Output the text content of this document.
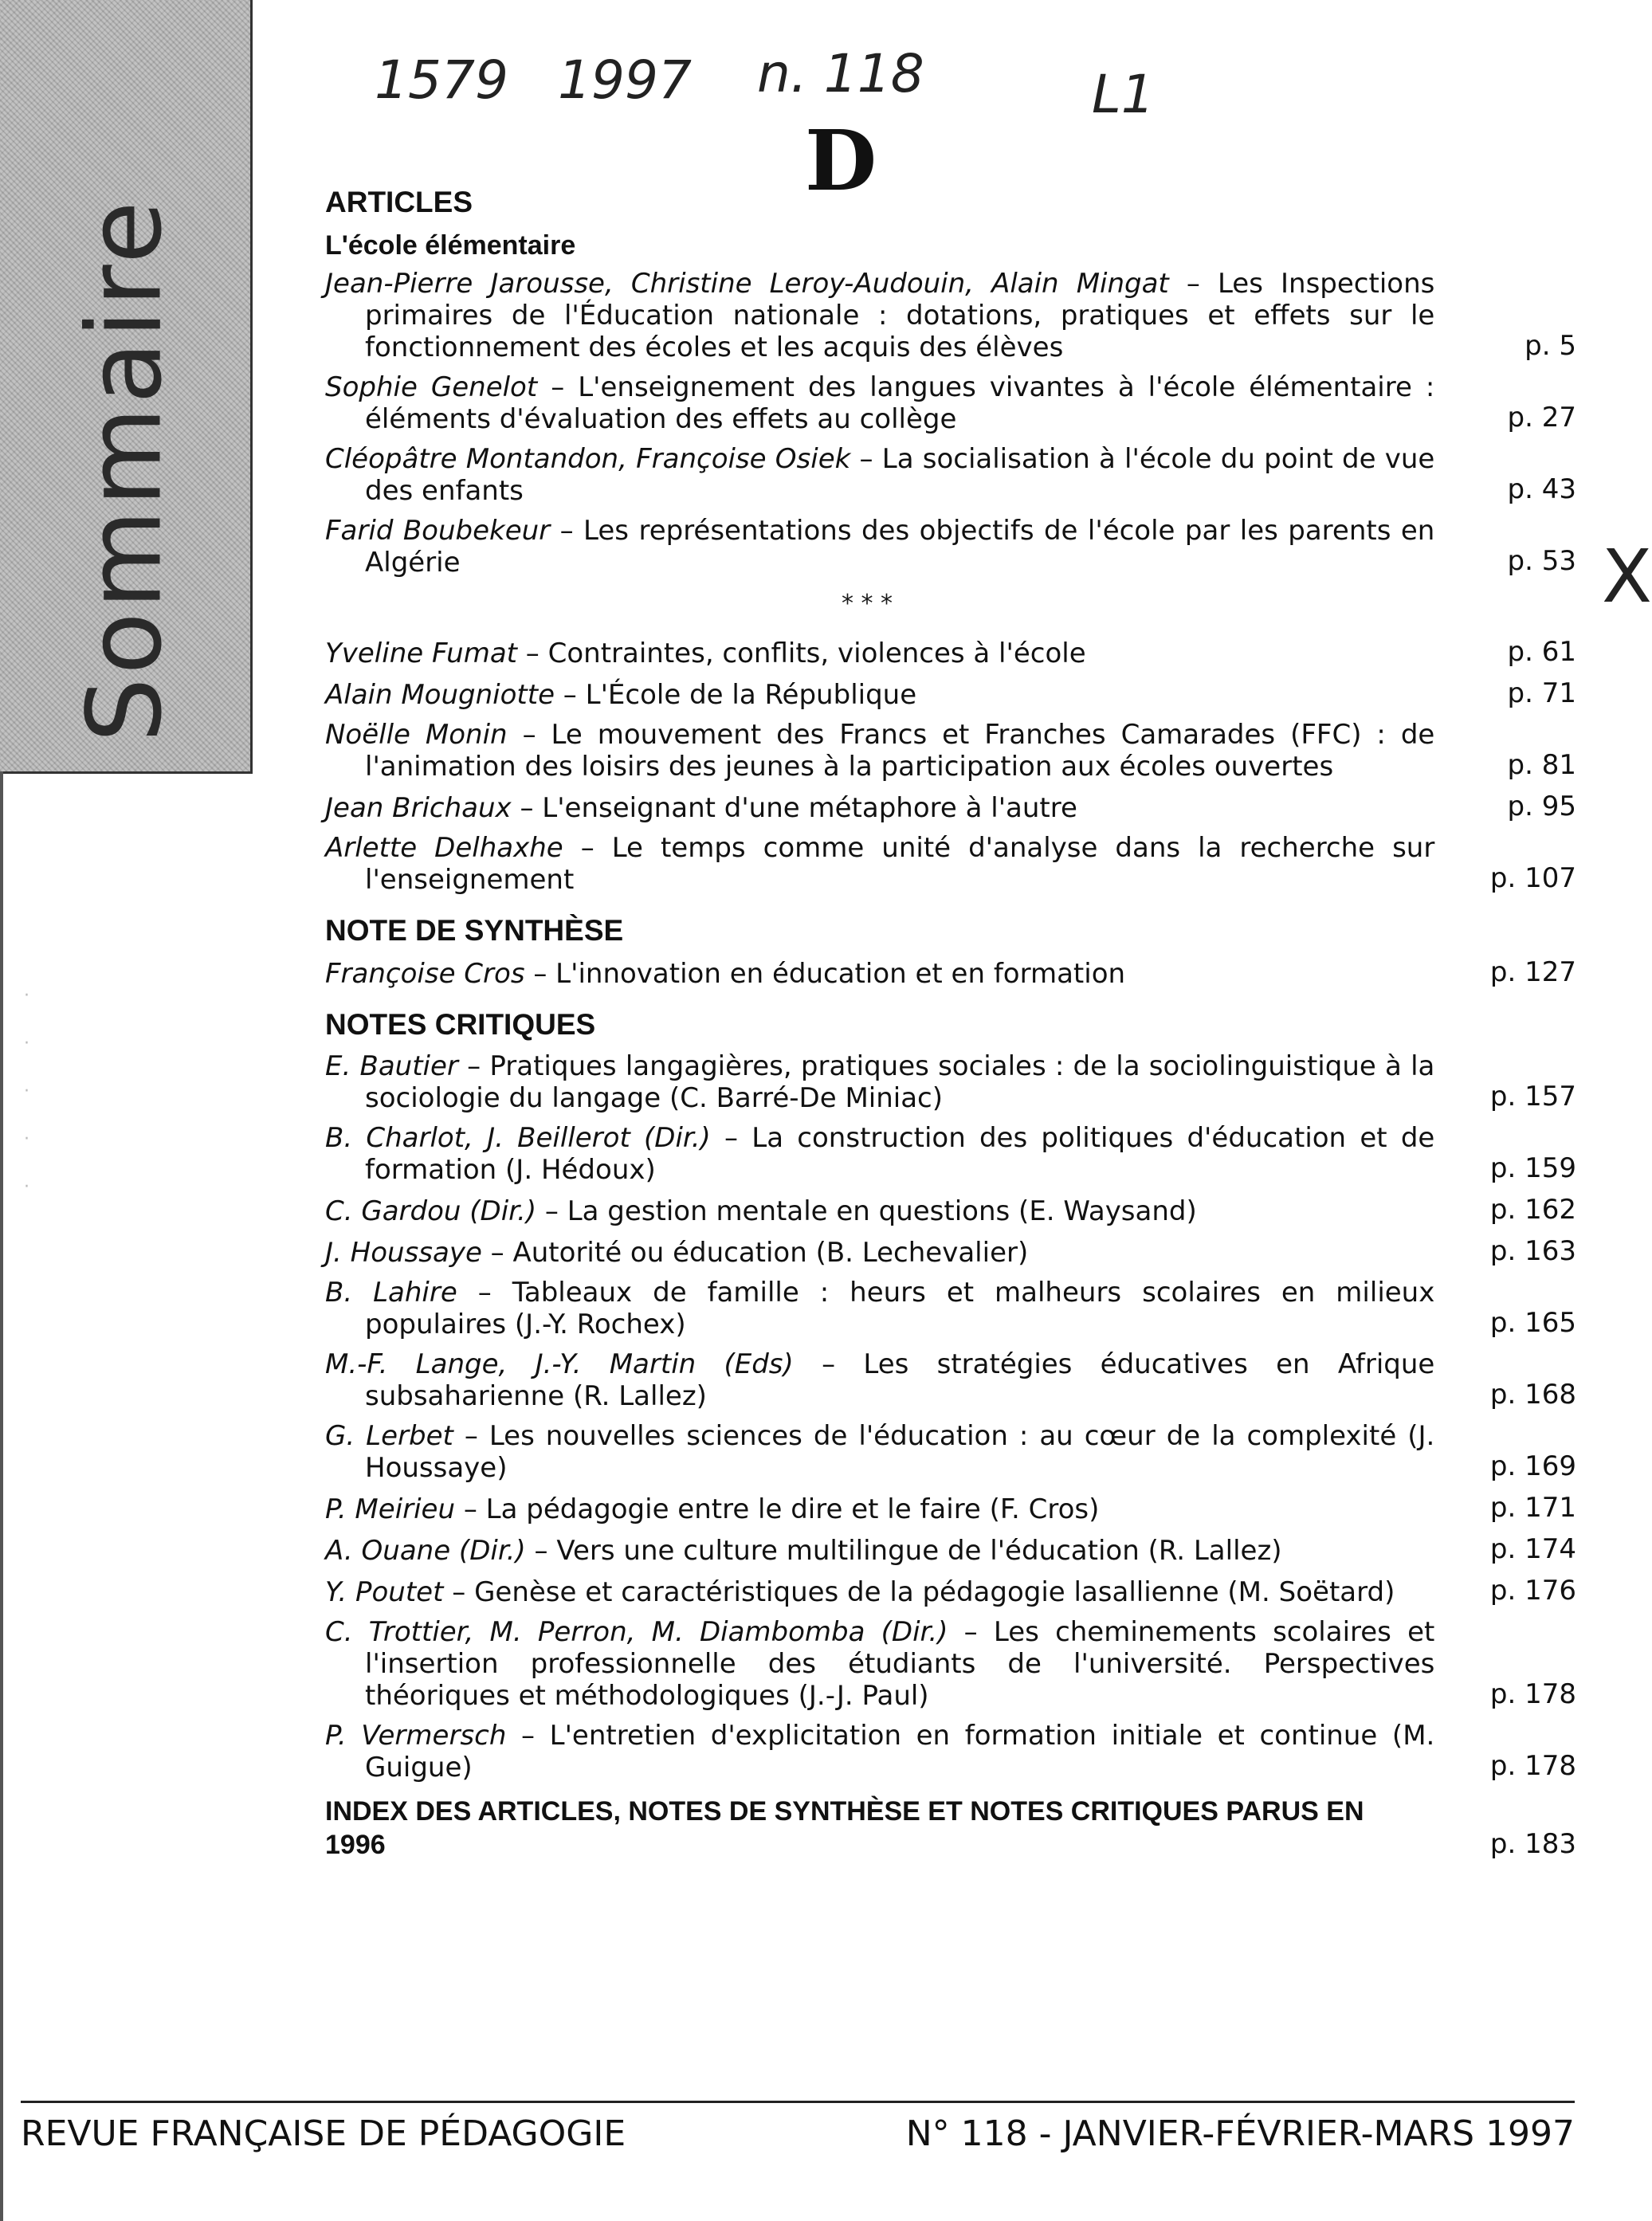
Sommaire
1579 1997 n. 118	L1
D
X
ARTICLES
L'école élémentaire
Jean-Pierre Jarousse, Christine Leroy-Audouin, Alain Mingat – Les Inspections primaires de l'Éducation nationale : dotations, pratiques et effets sur le fonctionnement des écoles et les acquis des élèves	p. 5
Sophie Genelot – L'enseignement des langues vivantes à l'école élémentaire : éléments d'évaluation des effets au collège	p. 27
Cléopâtre Montandon, Françoise Osiek – La socialisation à l'école du point de vue des enfants	p. 43
Farid Boubekeur – Les représentations des objectifs de l'école par les parents en Algérie	p. 53
* * *
Yveline Fumat – Contraintes, conflits, violences à l'école	p. 61
Alain Mougniotte – L'École de la République	p. 71
Noëlle Monin – Le mouvement des Francs et Franches Camarades (FFC) : de l'animation des loisirs des jeunes à la participation aux écoles ouvertes	p. 81
Jean Brichaux – L'enseignant d'une métaphore à l'autre	p. 95
Arlette Delhaxhe – Le temps comme unité d'analyse dans la recherche sur l'enseignement	p. 107
NOTE DE SYNTHÈSE
Françoise Cros – L'innovation en éducation et en formation	p. 127
NOTES CRITIQUES
E. Bautier – Pratiques langagières, pratiques sociales : de la sociolinguistique à la sociologie du langage (C. Barré-De Miniac)	p. 157
B. Charlot, J. Beillerot (Dir.) – La construction des politiques d'éducation et de formation (J. Hédoux)	p. 159
C. Gardou (Dir.) – La gestion mentale en questions (E. Waysand)	p. 162
J. Houssaye – Autorité ou éducation (B. Lechevalier)	p. 163
B. Lahire – Tableaux de famille : heurs et malheurs scolaires en milieux populaires (J.-Y. Rochex)	p. 165
M.-F. Lange, J.-Y. Martin (Eds) – Les stratégies éducatives en Afrique subsaharienne (R. Lallez)	p. 168
G. Lerbet – Les nouvelles sciences de l'éducation : au cœur de la complexité (J. Houssaye)	p. 169
P. Meirieu – La pédagogie entre le dire et le faire (F. Cros)	p. 171
A. Ouane (Dir.) – Vers une culture multilingue de l'éducation (R. Lallez)	p. 174
Y. Poutet – Genèse et caractéristiques de la pédagogie lasallienne (M. Soëtard)	p. 176
C. Trottier, M. Perron, M. Diambomba (Dir.) – Les cheminements scolaires et l'insertion professionnelle des étudiants de l'université. Perspectives théoriques et méthodologiques (J.-J. Paul)	p. 178
P. Vermersch – L'entretien d'explicitation en formation initiale et continue (M. Guigue)	p. 178
INDEX DES ARTICLES, NOTES DE SYNTHÈSE ET NOTES CRITIQUES PARUS EN 1996	p. 183
·
·
·
·
·
REVUE FRANÇAISE DE PÉDAGOGIE	N° 118 - JANVIER-FÉVRIER-MARS 1997
